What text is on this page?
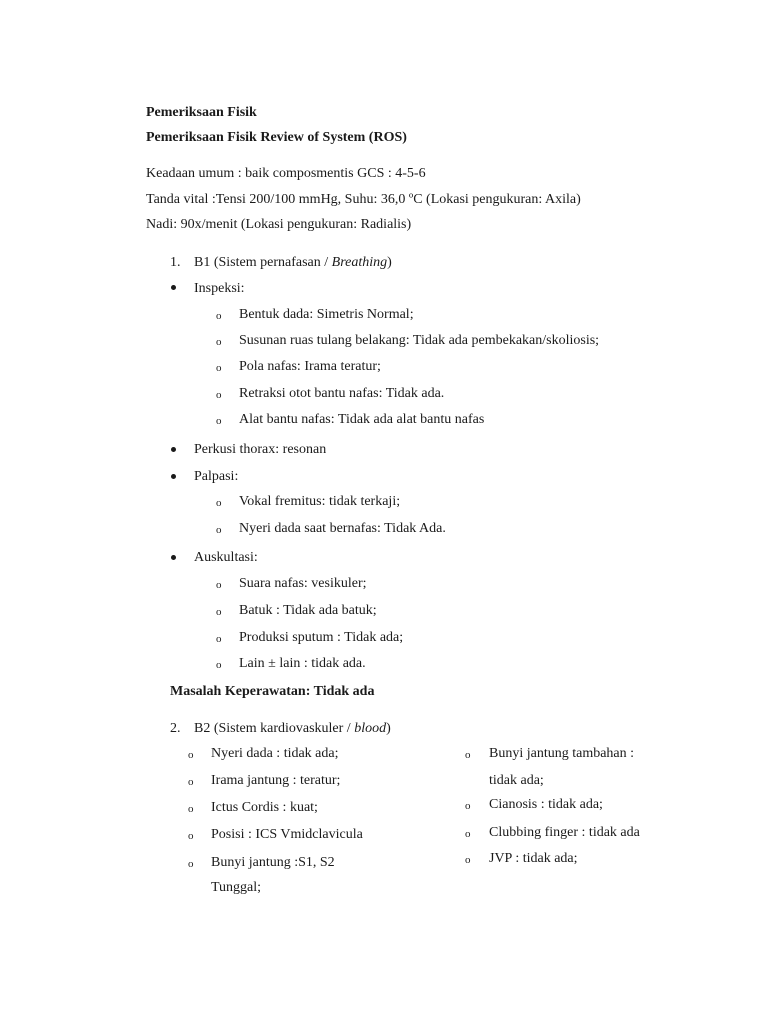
Pemeriksaan Fisik
Pemeriksaan Fisik Review of System (ROS)
Keadaan umum : baik composmentis GCS : 4-5-6
Tanda vital :Tensi 200/100 mmHg, Suhu: 36,0 ºC (Lokasi pengukuran: Axila)
Nadi: 90x/menit (Lokasi pengukuran: Radialis)
1. B1 (Sistem pernafasan / Breathing)
Inspeksi:
o Bentuk dada: Simetris Normal;
o Susunan ruas tulang belakang: Tidak ada pembekakan/skoliosis;
o Pola nafas: Irama teratur;
o Retraksi otot bantu nafas: Tidak ada.
o Alat bantu nafas: Tidak ada alat bantu nafas
Perkusi thorax: resonan
Palpasi:
o Vokal fremitus: tidak terkaji;
o Nyeri dada saat bernafas: Tidak Ada.
Auskultasi:
o Suara nafas: vesikuler;
o Batuk : Tidak ada batuk;
o Produksi sputum : Tidak ada;
o Lain ± lain : tidak ada.
Masalah Keperawatan: Tidak ada
2. B2 (Sistem kardiovaskuler / blood)
o Nyeri dada : tidak ada;
o Irama jantung : teratur;
o Ictus Cordis : kuat;
o Posisi : ICS Vmidclavicula
o Bunyi jantung :S1, S2
Tunggal;
o Bunyi jantung tambahan :
tidak ada;
o Cianosis : tidak ada;
o Clubbing finger : tidak ada
o JVP : tidak ada;
